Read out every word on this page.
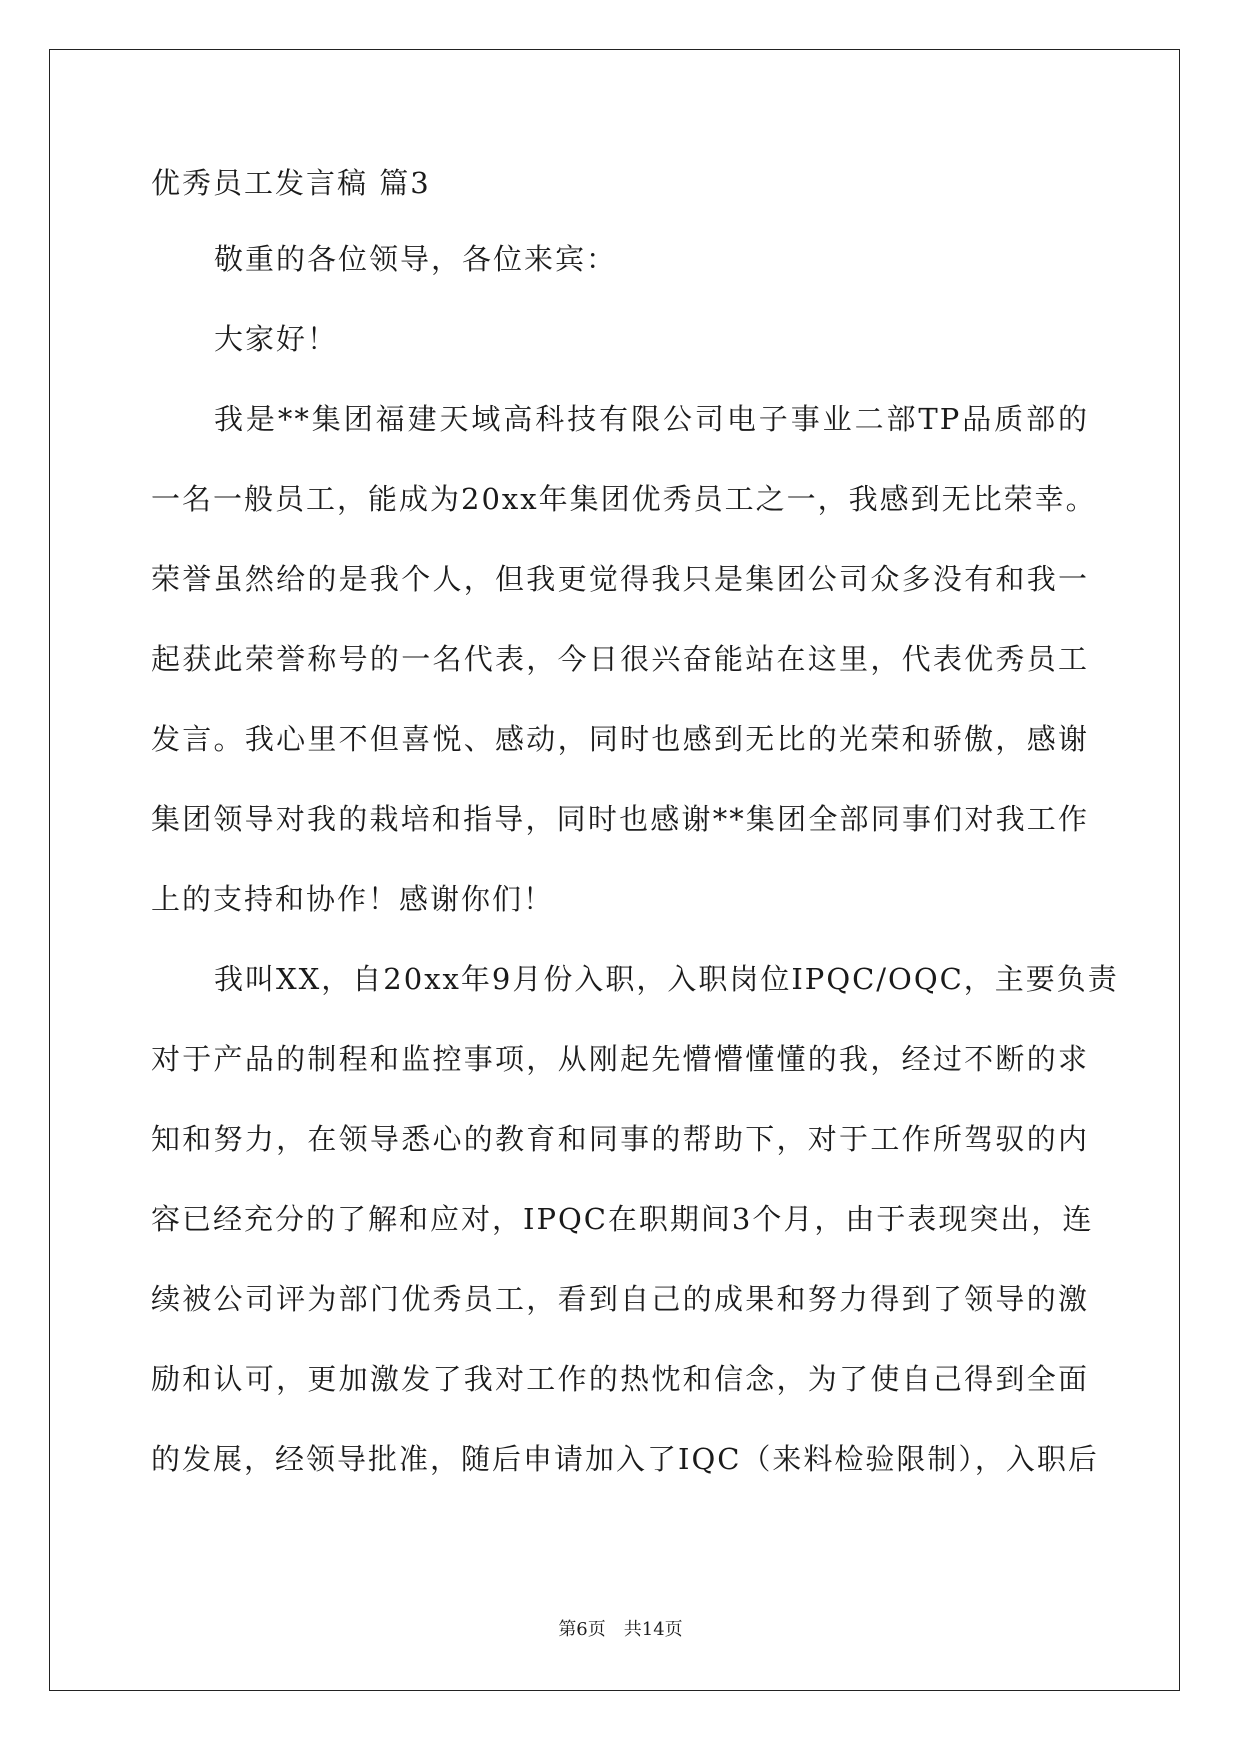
优秀员工发言稿 篇3
敬重的各位领导，各位来宾：
大家好！
我是**集团福建天域高科技有限公司电子事业二部TP品质部的
一名一般员工，能成为20xx年集团优秀员工之一，我感到无比荣幸。
荣誉虽然给的是我个人，但我更觉得我只是集团公司众多没有和我一
起获此荣誉称号的一名代表，今日很兴奋能站在这里，代表优秀员工
发言。我心里不但喜悦、感动，同时也感到无比的光荣和骄傲，感谢
集团领导对我的栽培和指导，同时也感谢**集团全部同事们对我工作
上的支持和协作！感谢你们！
我叫XX，自20xx年9月份入职，入职岗位IPQC/OQC，主要负责
对于产品的制程和监控事项，从刚起先懵懵懂懂的我，经过不断的求
知和努力，在领导悉心的教育和同事的帮助下，对于工作所驾驭的内
容已经充分的了解和应对，IPQC在职期间3个月，由于表现突出，连
续被公司评为部门优秀员工，看到自己的成果和努力得到了领导的激
励和认可，更加激发了我对工作的热忱和信念，为了使自己得到全面
的发展，经领导批准，随后申请加入了IQC（来料检验限制），入职后
第6页 共14页
